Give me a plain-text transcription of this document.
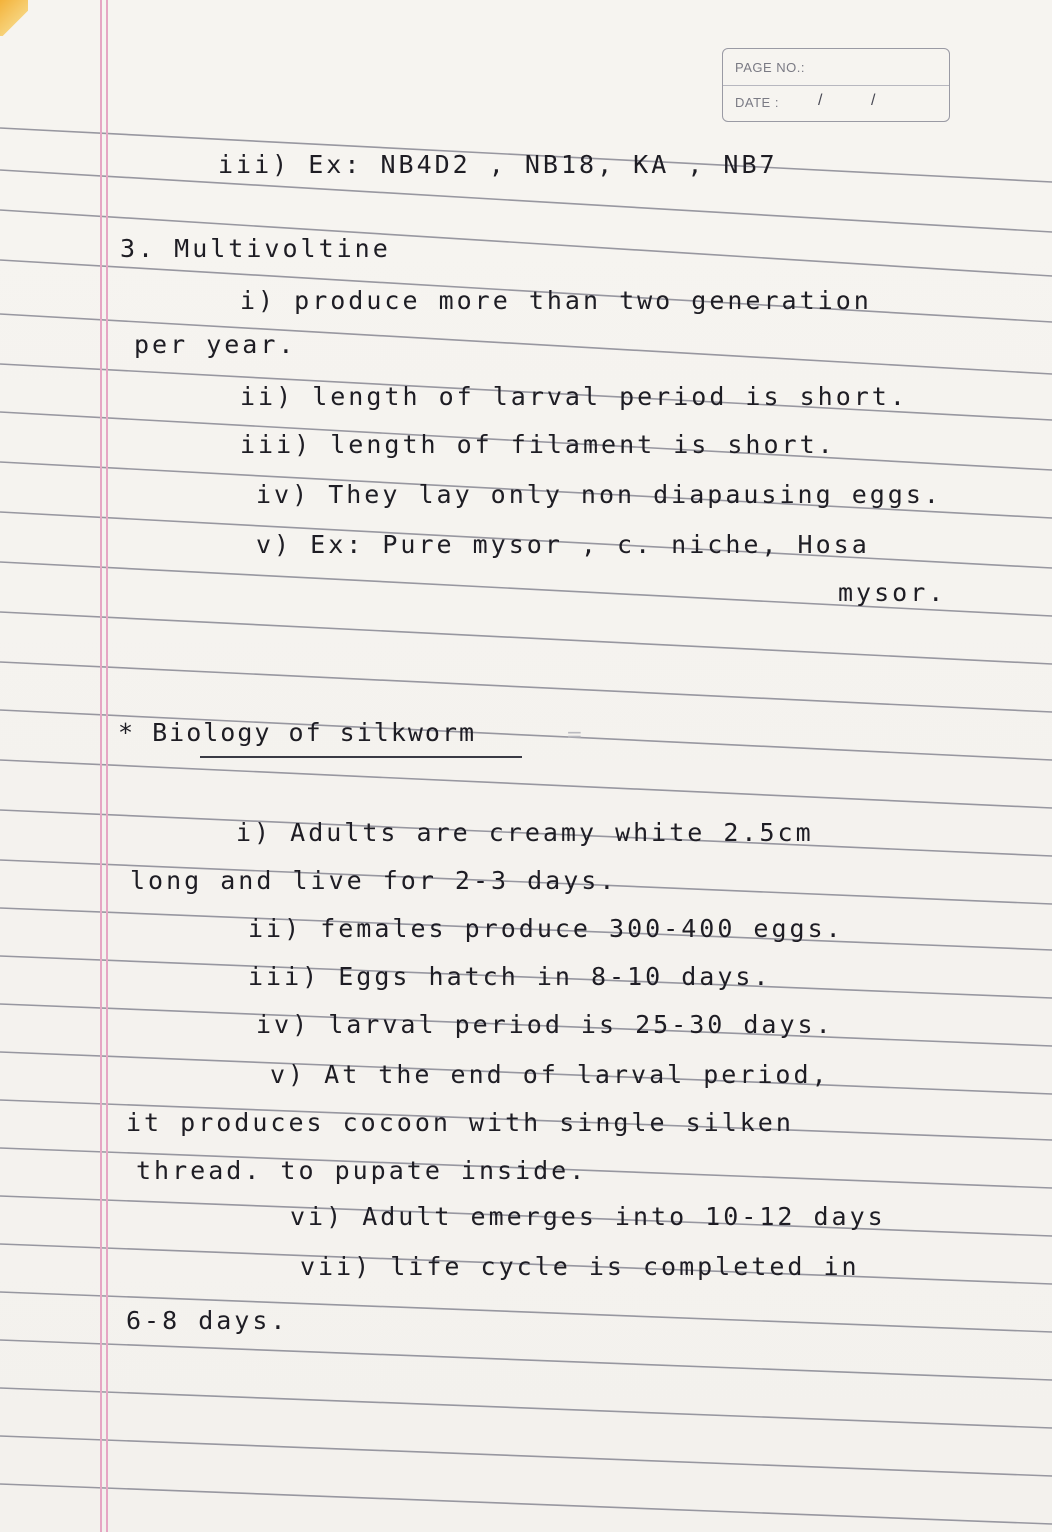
PAGE NO.:
DATE : /	/
iii) Ex: NB4D2 , NB18, KA , NB7
3. Multivoltine
i) produce more than two generation
per year.
ii) length of larval period is short.
iii) length of filament is short.
iv) They lay only non diapausing eggs.
v) Ex: Pure mysor , c. niche, Hosa
mysor.
* Biology of silkworm	=
i) Adults are creamy white 2.5cm
long and live for 2-3 days.
ii) females produce 300-400 eggs.
iii) Eggs hatch in 8-10 days.
iv) larval period is 25-30 days.
v) At the end of larval period,
it produces cocoon with single silken
thread. to pupate inside.
vi) Adult emerges into 10-12 days
vii) life cycle is completed in
6-8 days.
